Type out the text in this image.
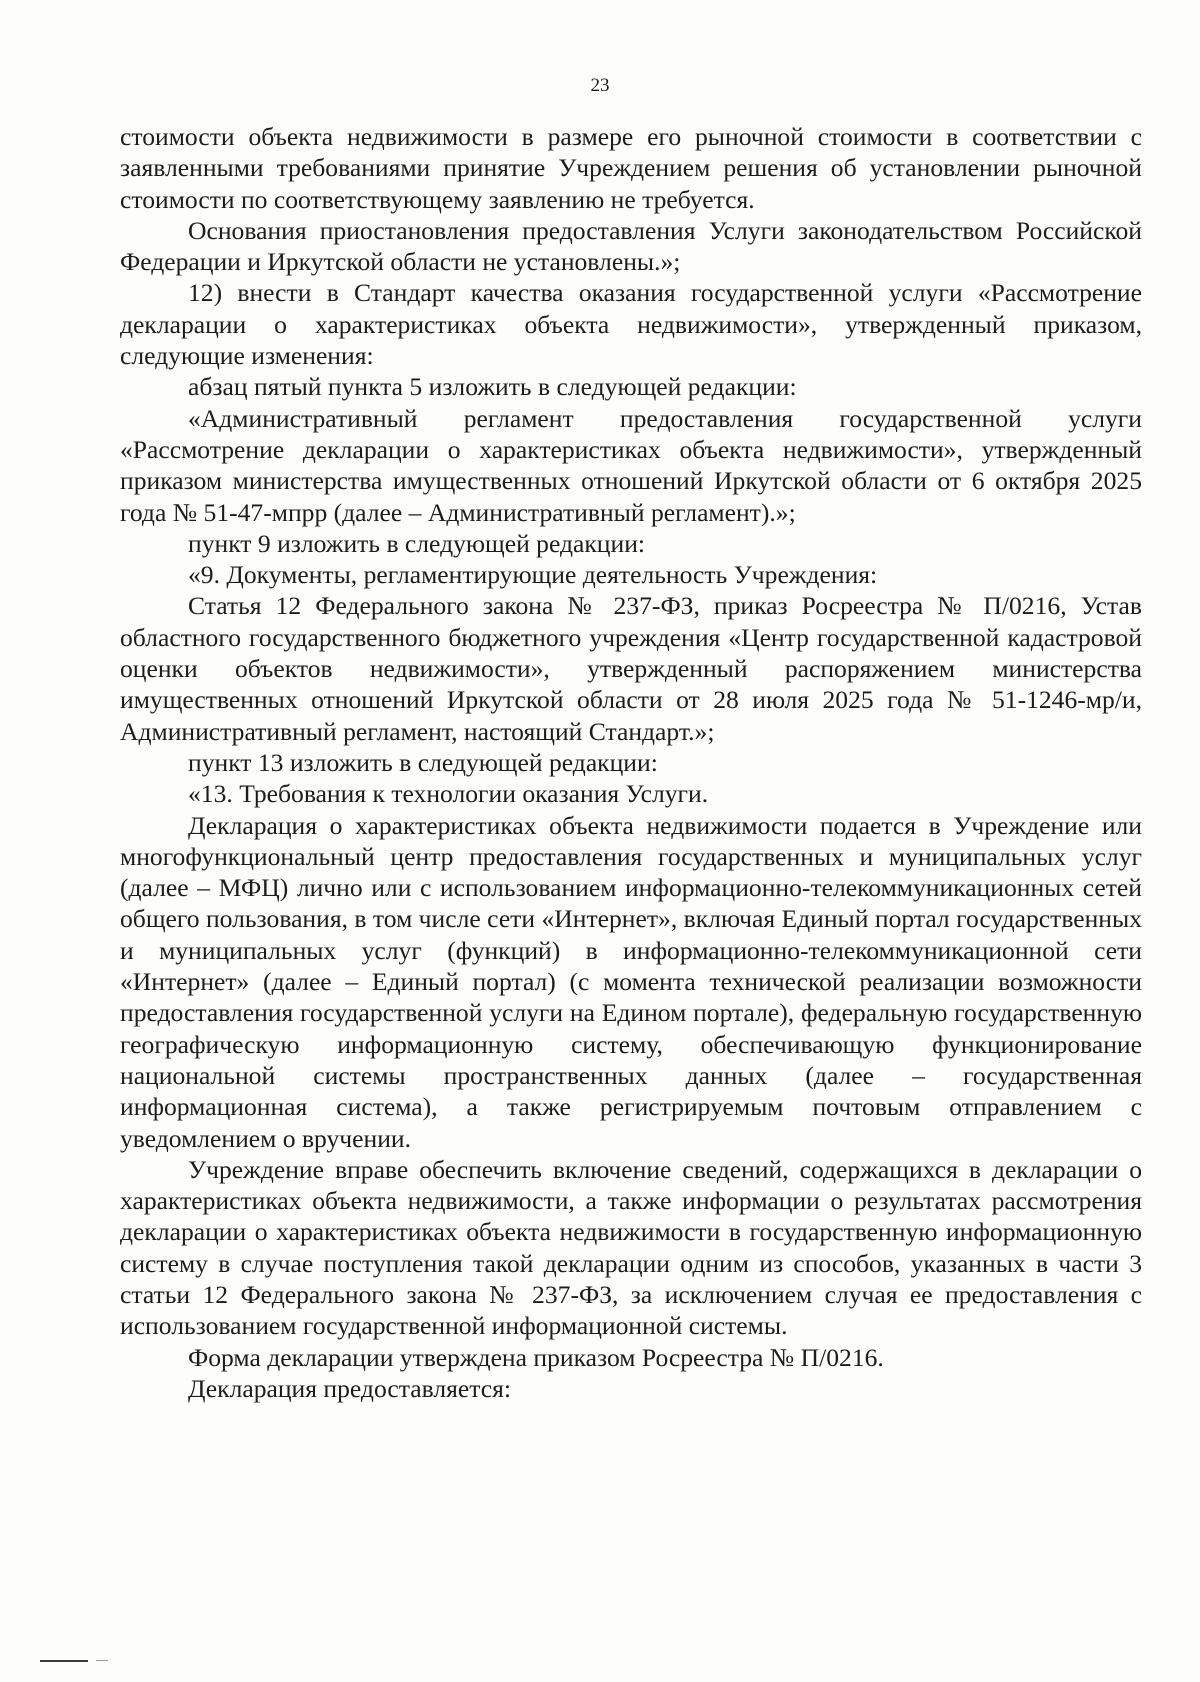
23

стоимости объекта недвижимости в размере его рыночной стоимости в соответствии с заявленными требованиями принятие Учреждением решения об установлении рыночной стоимости по соответствующему заявлению не требуется.

Основания приостановления предоставления Услуги законодательством Российской Федерации и Иркутской области не установлены.»;

12) внести в Стандарт качества оказания государственной услуги «Рассмотрение декларации о характеристиках объекта недвижимости», утвержденный приказом, следующие изменения:

абзац пятый пункта 5 изложить в следующей редакции:

«Административный регламент предоставления государственной услуги «Рассмотрение декларации о характеристиках объекта недвижимости», утвержденный приказом министерства имущественных отношений Иркутской области от 6 октября 2025 года № 51-47-мпрр (далее – Административный регламент).»;

пункт 9 изложить в следующей редакции:

«9. Документы, регламентирующие деятельность Учреждения:

Статья 12 Федерального закона № 237-ФЗ, приказ Росреестра № П/0216, Устав областного государственного бюджетного учреждения «Центр государственной кадастровой оценки объектов недвижимости», утвержденный распоряжением министерства имущественных отношений Иркутской области от 28 июля 2025 года № 51-1246-мр/и, Административный регламент, настоящий Стандарт.»;

пункт 13 изложить в следующей редакции:

«13. Требования к технологии оказания Услуги.

Декларация о характеристиках объекта недвижимости подается в Учреждение или многофункциональный центр предоставления государственных и муниципальных услуг (далее – МФЦ) лично или с использованием информационно-телекоммуникационных сетей общего пользования, в том числе сети «Интернет», включая Единый портал государственных и муниципальных услуг (функций) в информационно-телекоммуникационной сети «Интернет» (далее – Единый портал) (с момента технической реализации возможности предоставления государственной услуги на Едином портале), федеральную государственную географическую информационную систему, обеспечивающую функционирование национальной системы пространственных данных (далее – государственная информационная система), а также регистрируемым почтовым отправлением с уведомлением о вручении.

Учреждение вправе обеспечить включение сведений, содержащихся в декларации о характеристиках объекта недвижимости, а также информации о результатах рассмотрения декларации о характеристиках объекта недвижимости в государственную информационную систему в случае поступления такой декларации одним из способов, указанных в части 3 статьи 12 Федерального закона № 237-ФЗ, за исключением случая ее предоставления с использованием государственной информационной системы.

Форма декларации утверждена приказом Росреестра № П/0216.

Декларация предоставляется:
